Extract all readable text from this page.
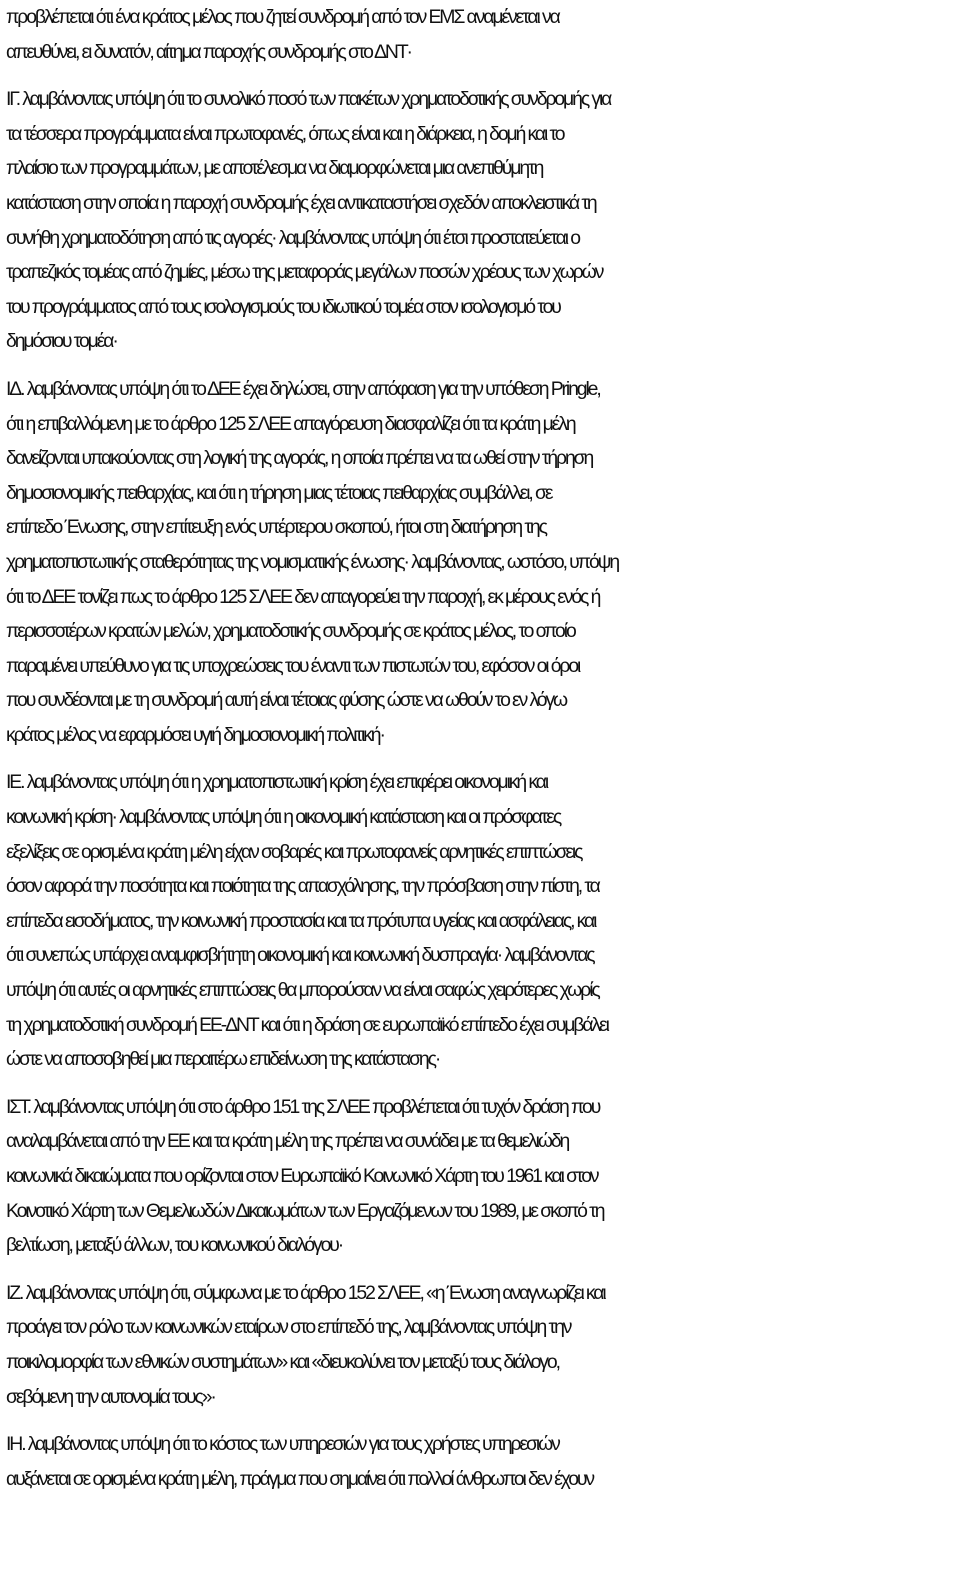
προβλέπεται ότι ένα κράτος μέλος που ζητεί συνδρομή από τον ΕΜΣ αναμένεται να
απευθύνει, ει δυνατόν, αίτημα παροχής συνδρομής στο ΔΝΤ·
ΙΓ. λαμβάνοντας υπόψη ότι το συνολικό ποσό των πακέτων χρηματοδοτικής συνδρομής για
τα τέσσερα προγράμματα είναι πρωτοφανές, όπως είναι και η διάρκεια, η δομή και το
πλαίσιο των προγραμμάτων, με αποτέλεσμα να διαμορφώνεται μια ανεπιθύμητη
κατάσταση στην οποία η παροχή συνδρομής έχει αντικαταστήσει σχεδόν αποκλειστικά τη
συνήθη χρηματοδότηση από τις αγορές· λαμβάνοντας υπόψη ότι έτσι προστατεύεται ο
τραπεζικός τομέας από ζημίες, μέσω της μεταφοράς μεγάλων ποσών χρέους των χωρών
του προγράμματος από τους ισολογισμούς του ιδιωτικού τομέα στον ισολογισμό του
δημόσιου τομέα·
ΙΔ. λαμβάνοντας υπόψη ότι το ΔΕΕ έχει δηλώσει, στην απόφαση για την υπόθεση Pringle,
ότι η επιβαλλόμενη με το άρθρο 125 ΣΛΕΕ απαγόρευση διασφαλίζει ότι τα κράτη μέλη
δανείζονται υπακούοντας στη λογική της αγοράς, η οποία πρέπει να τα ωθεί στην τήρηση
δημοσιονομικής πειθαρχίας, και ότι η τήρηση μιας τέτοιας πειθαρχίας συμβάλλει, σε
επίπεδο Ένωσης, στην επίτευξη ενός υπέρτερου σκοπού, ήτοι στη διατήρηση της
χρηματοπιστωτικής σταθερότητας της νομισματικής ένωσης· λαμβάνοντας, ωστόσο, υπόψη
ότι το ΔΕΕ τονίζει πως το άρθρο 125 ΣΛΕΕ δεν απαγορεύει την παροχή, εκ μέρους ενός ή
περισσοτέρων κρατών μελών, χρηματοδοτικής συνδρομής σε κράτος μέλος, το οποίο
παραμένει υπεύθυνο για τις υποχρεώσεις του έναντι των πιστωτών του, εφόσον οι όροι
που συνδέονται με τη συνδρομή αυτή είναι τέτοιας φύσης ώστε να ωθούν το εν λόγω
κράτος μέλος να εφαρμόσει υγιή δημοσιονομική πολιτική·
ΙΕ. λαμβάνοντας υπόψη ότι η χρηματοπιστωτική κρίση έχει επιφέρει οικονομική και
κοινωνική κρίση· λαμβάνοντας υπόψη ότι η οικονομική κατάσταση και οι πρόσφατες
εξελίξεις σε ορισμένα κράτη μέλη είχαν σοβαρές και πρωτοφανείς αρνητικές επιπτώσεις
όσον αφορά την ποσότητα και ποιότητα της απασχόλησης, την πρόσβαση στην πίστη, τα
επίπεδα εισοδήματος, την κοινωνική προστασία και τα πρότυπα υγείας και ασφάλειας, και
ότι συνεπώς υπάρχει αναμφισβήτητη οικονομική και κοινωνική δυσπραγία· λαμβάνοντας
υπόψη ότι αυτές οι αρνητικές επιπτώσεις θα μπορούσαν να είναι σαφώς χειρότερες χωρίς
τη χρηματοδοτική συνδρομή ΕΕ-ΔΝΤ και ότι η δράση σε ευρωπαϊκό επίπεδο έχει συμβάλει
ώστε να αποσοβηθεί μια περαιτέρω επιδείνωση της κατάστασης·
ΙΣΤ. λαμβάνοντας υπόψη ότι στο άρθρο 151 της ΣΛΕΕ προβλέπεται ότι τυχόν δράση που
αναλαμβάνεται από την ΕΕ και τα κράτη μέλη της πρέπει να συνάδει με τα θεμελιώδη
κοινωνικά δικαιώματα που ορίζονται στον Ευρωπαϊκό Κοινωνικό Χάρτη του 1961 και στον
Κοινοτικό Χάρτη των Θεμελιωδών Δικαιωμάτων των Εργαζόμενων του 1989, με σκοπό τη
βελτίωση, μεταξύ άλλων, του κοινωνικού διαλόγου·
ΙΖ. λαμβάνοντας υπόψη ότι, σύμφωνα με το άρθρο 152 ΣΛΕΕ, «η Ένωση αναγνωρίζει και
προάγει τον ρόλο των κοινωνικών εταίρων στο επίπεδό της, λαμβάνοντας υπόψη την
ποικιλομορφία των εθνικών συστημάτων» και «διευκολύνει τον μεταξύ τους διάλογο,
σεβόμενη την αυτονομία τους»·
ΙΗ. λαμβάνοντας υπόψη ότι το κόστος των υπηρεσιών για τους χρήστες υπηρεσιών
αυξάνεται σε ορισμένα κράτη μέλη, πράγμα που σημαίνει ότι πολλοί άνθρωποι δεν έχουν
